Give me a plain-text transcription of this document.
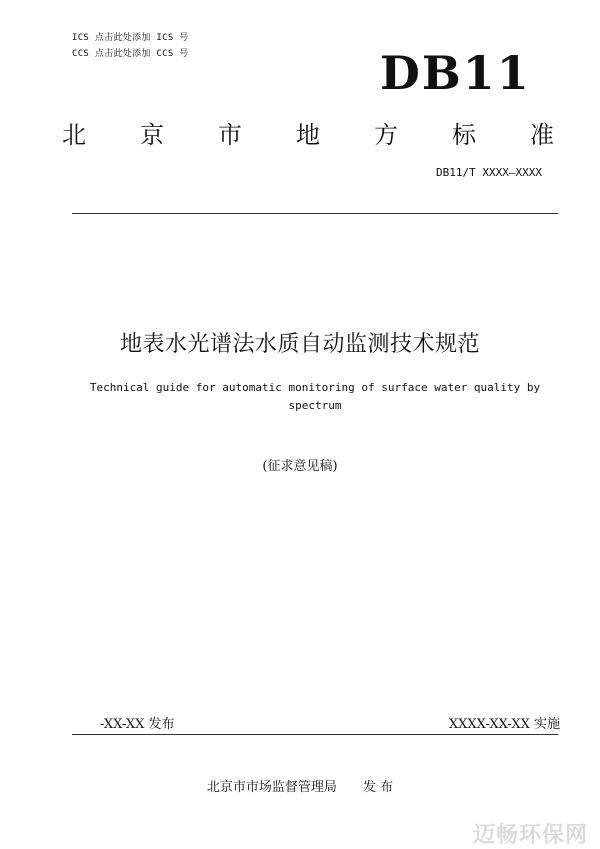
ICS 点击此处添加 ICS 号
CCS 点击此处添加 CCS 号	DB11
北 京 市 地 方 标 准
DB11/T XXXX—XXXX
地表水光谱法水质自动监测技术规范
Technical guide for automatic monitoring of surface water quality by
spectrum
(征求意见稿)
-XX-XX 发布	XXXX-XX-XX 实施
北京市市场监督管理局 发 布
迈畅环保网
